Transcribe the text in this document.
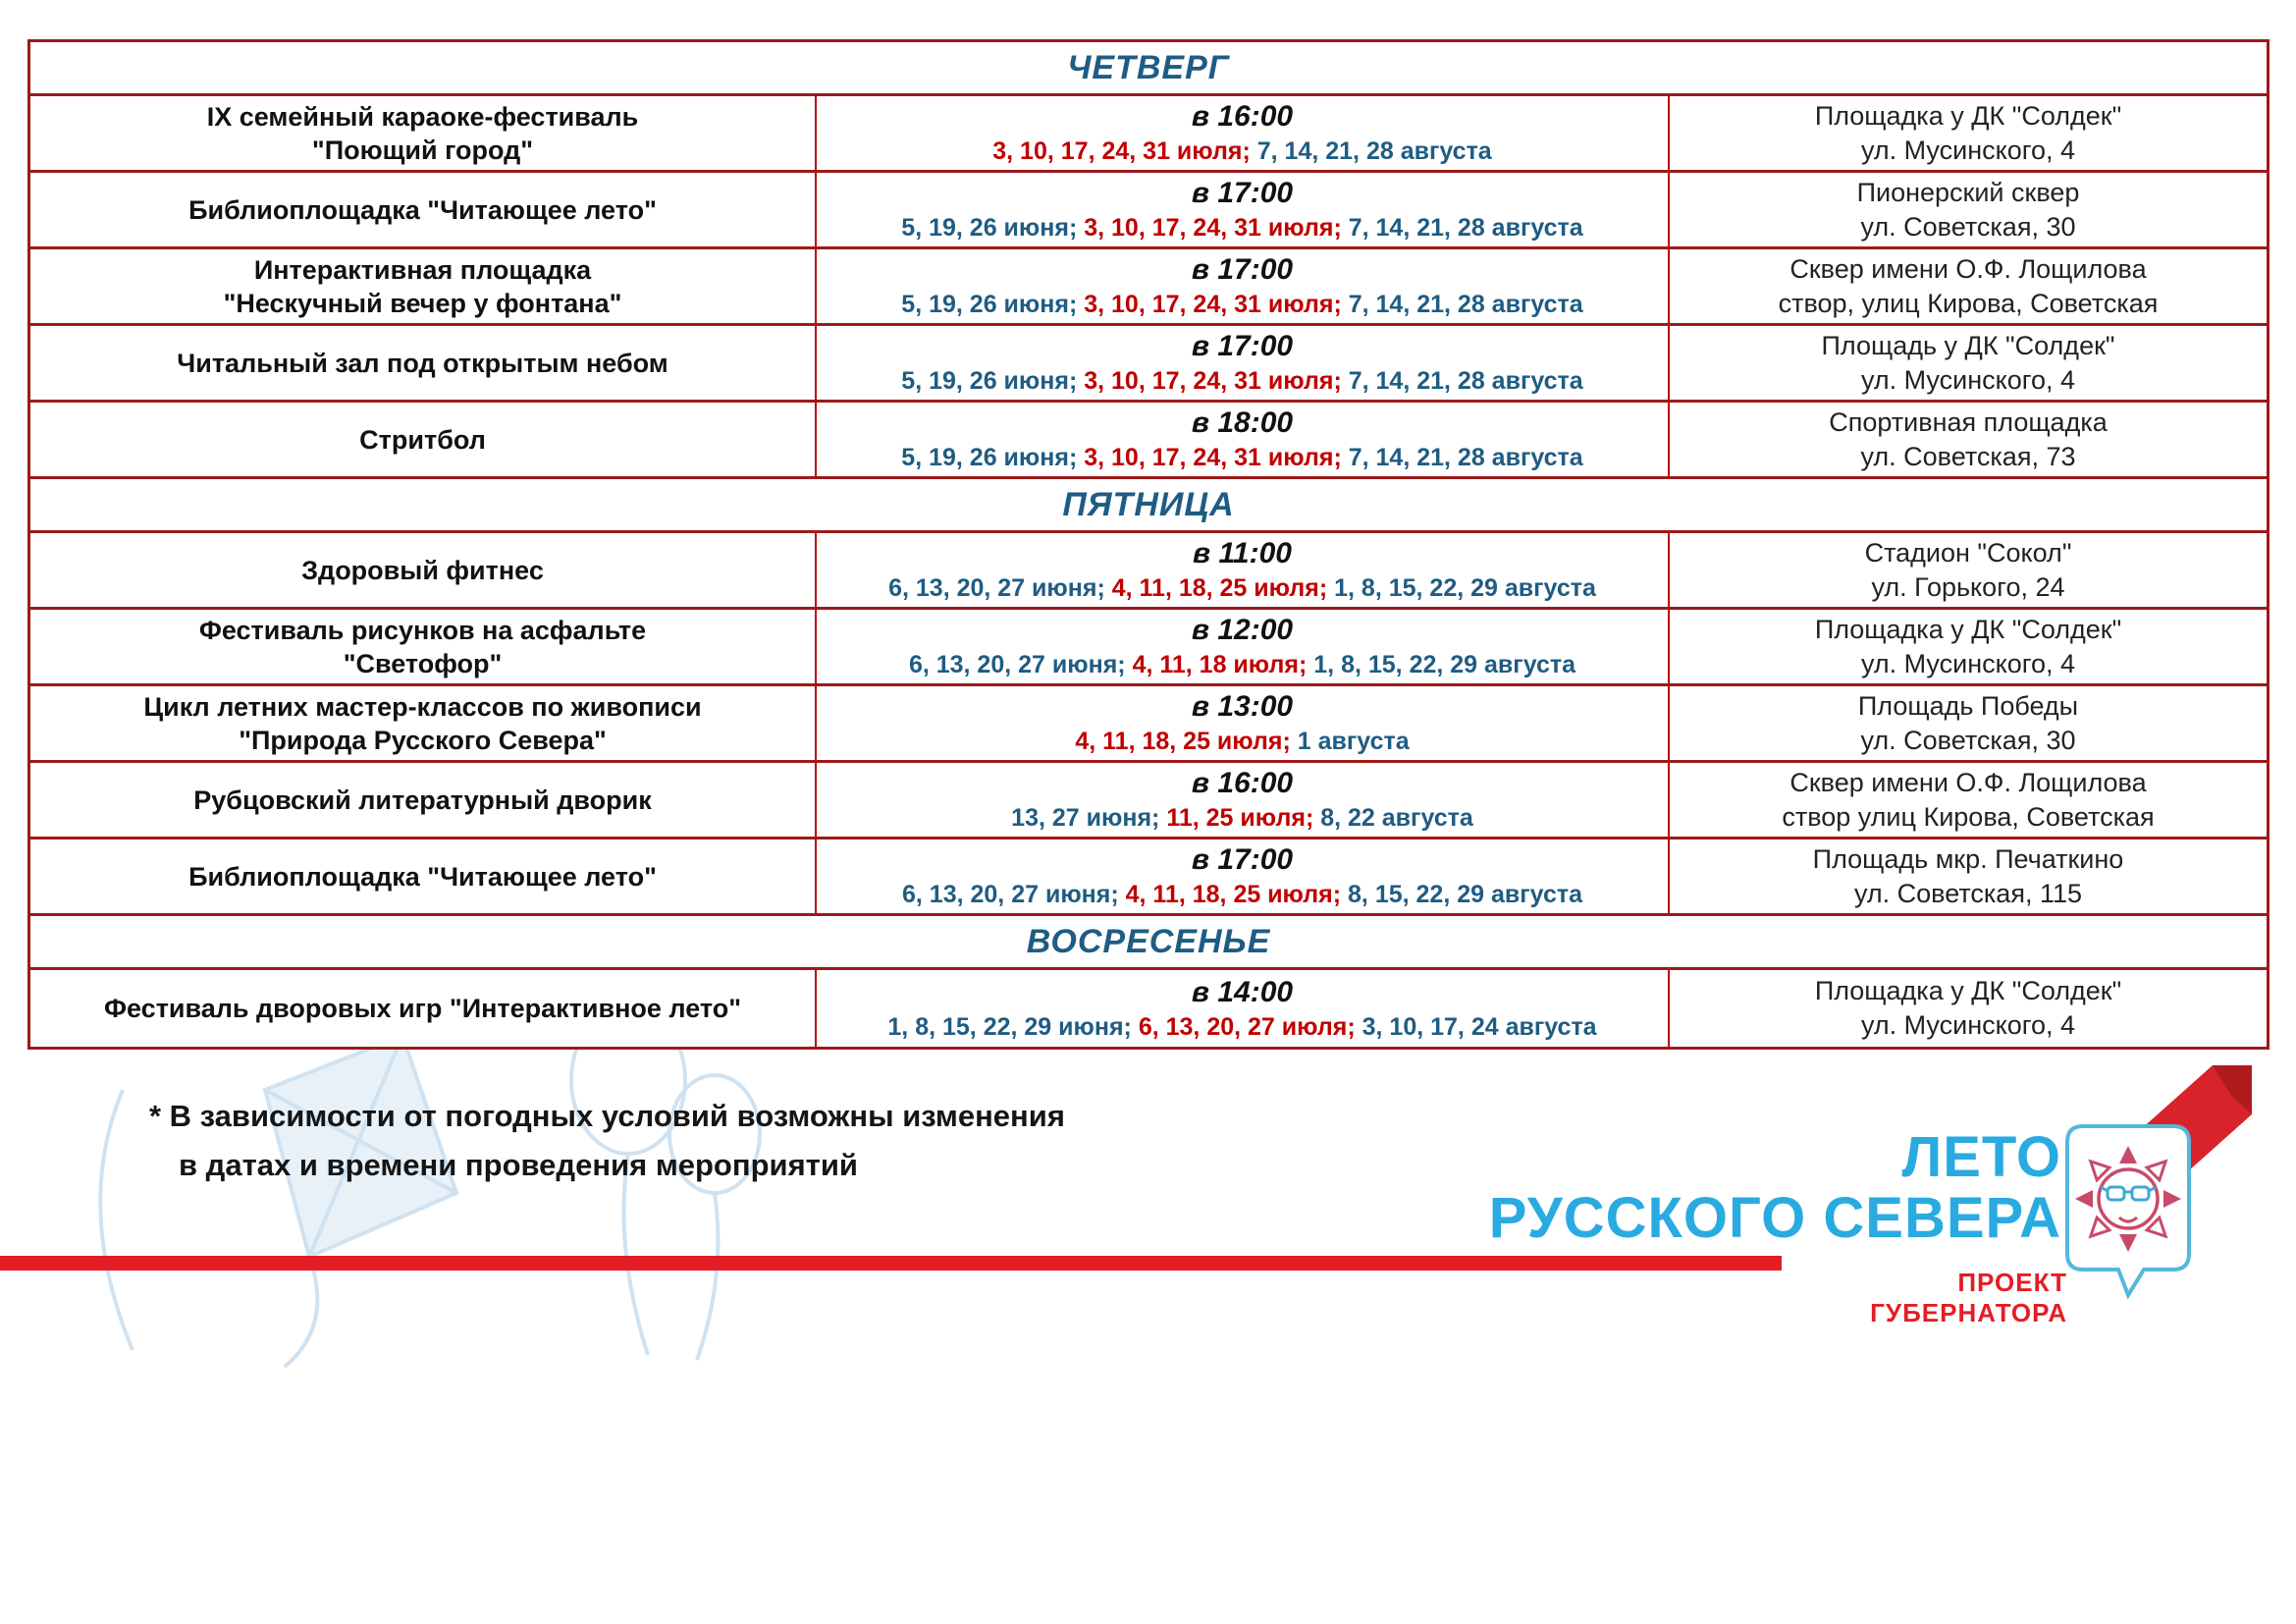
ЧЕТВЕРГ
IX семейный караоке-фестиваль
"Поющий город"
в 16:00
3, 10, 17, 24, 31 июля; 7, 14, 21, 28 августа
Площадка у ДК "Солдек"
ул. Мусинского, 4
Библиоплощадка "Читающее лето"
в 17:00
5, 19, 26 июня; 3, 10, 17, 24, 31 июля; 7, 14, 21, 28 августа
Пионерский сквер
ул. Советская, 30
Интерактивная площадка
"Нескучный вечер у фонтана"
в 17:00
5, 19, 26 июня; 3, 10, 17, 24, 31 июля; 7, 14, 21, 28 августа
Сквер имени О.Ф. Лощилова
створ, улиц Кирова, Советская
Читальный зал под открытым небом
в 17:00
5, 19, 26 июня; 3, 10, 17, 24, 31 июля; 7, 14, 21, 28 августа
Площадь у ДК "Солдек"
ул. Мусинского, 4
Стритбол
в 18:00
5, 19, 26 июня; 3, 10, 17, 24, 31 июля; 7, 14, 21, 28 августа
Спортивная площадка
ул. Советская, 73
ПЯТНИЦА
Здоровый фитнес
в 11:00
6, 13, 20, 27 июня; 4, 11, 18, 25 июля; 1, 8, 15, 22, 29 августа
Стадион "Сокол"
ул. Горького, 24
Фестиваль рисунков на асфальте
"Светофор"
в 12:00
6, 13, 20, 27 июня; 4, 11, 18 июля; 1, 8, 15, 22, 29 августа
Площадка у ДК "Солдек"
ул. Мусинского, 4
Цикл летних мастер-классов по живописи
"Природа Русского Севера"
в 13:00
4, 11, 18, 25 июля; 1 августа
Площадь Победы
ул. Советская, 30
Рубцовский литературный дворик
в 16:00
13, 27 июня; 11, 25 июля; 8, 22 августа
Сквер имени О.Ф. Лощилова
створ улиц Кирова, Советская
Библиоплощадка "Читающее лето"
в 17:00
6, 13, 20, 27 июня; 4, 11, 18, 25 июля; 8, 15, 22, 29 августа
Площадь мкр. Печаткино
ул. Советская, 115
ВОСРЕСЕНЬЕ
Фестиваль дворовых игр "Интерактивное лето"
в 14:00
1, 8, 15, 22, 29 июня; 6, 13, 20, 27 июля; 3, 10, 17, 24 августа
Площадка у ДК "Солдек"
ул. Мусинского, 4
* В зависимости от погодных условий возможны изменения
в датах и времени проведения мероприятий	ЛЕТО
РУССКОГО СЕВЕРА
ПРОЕКТ ГУБЕРНАТОРА
